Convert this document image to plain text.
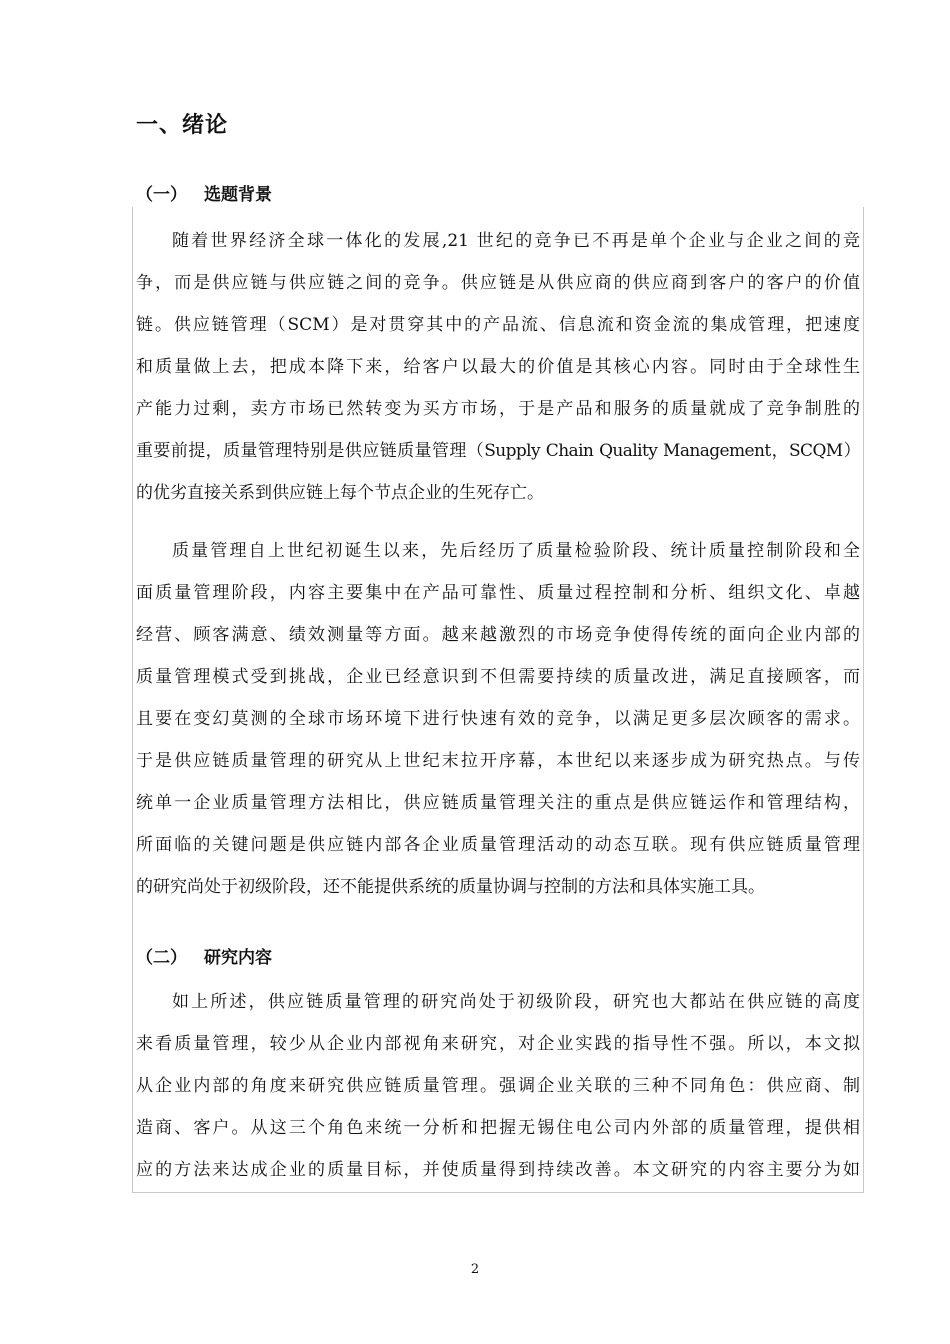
一、绪论
（一） 选题背景
随着世界经济全球一体化的发展,21 世纪的竞争已不再是单个企业与企业之间的竞
争，而是供应链与供应链之间的竞争。供应链是从供应商的供应商到客户的客户的价值
链。供应链管理（SCM）是对贯穿其中的产品流、信息流和资金流的集成管理，把速度
和质量做上去，把成本降下来，给客户以最大的价值是其核心内容。同时由于全球性生
产能力过剩，卖方市场已然转变为买方市场，于是产品和服务的质量就成了竞争制胜的
重要前提，质量管理特别是供应链质量管理（Supply Chain Quality Management，SCQM）
的优劣直接关系到供应链上每个节点企业的生死存亡。
质量管理自上世纪初诞生以来，先后经历了质量检验阶段、统计质量控制阶段和全
面质量管理阶段，内容主要集中在产品可靠性、质量过程控制和分析、组织文化、卓越
经营、顾客满意、绩效测量等方面。越来越激烈的市场竞争使得传统的面向企业内部的
质量管理模式受到挑战，企业已经意识到不但需要持续的质量改进，满足直接顾客，而
且要在变幻莫测的全球市场环境下进行快速有效的竞争，以满足更多层次顾客的需求。
于是供应链质量管理的研究从上世纪末拉开序幕，本世纪以来逐步成为研究热点。与传
统单一企业质量管理方法相比，供应链质量管理关注的重点是供应链运作和管理结构，
所面临的关键问题是供应链内部各企业质量管理活动的动态互联。现有供应链质量管理
的研究尚处于初级阶段，还不能提供系统的质量协调与控制的方法和具体实施工具。
（二） 研究内容
如上所述，供应链质量管理的研究尚处于初级阶段，研究也大都站在供应链的高度
来看质量管理，较少从企业内部视角来研究，对企业实践的指导性不强。所以，本文拟
从企业内部的角度来研究供应链质量管理。强调企业关联的三种不同角色：供应商、制
造商、客户。从这三个角色来统一分析和把握无锡住电公司内外部的质量管理，提供相
应的方法来达成企业的质量目标，并使质量得到持续改善。本文研究的内容主要分为如
2
